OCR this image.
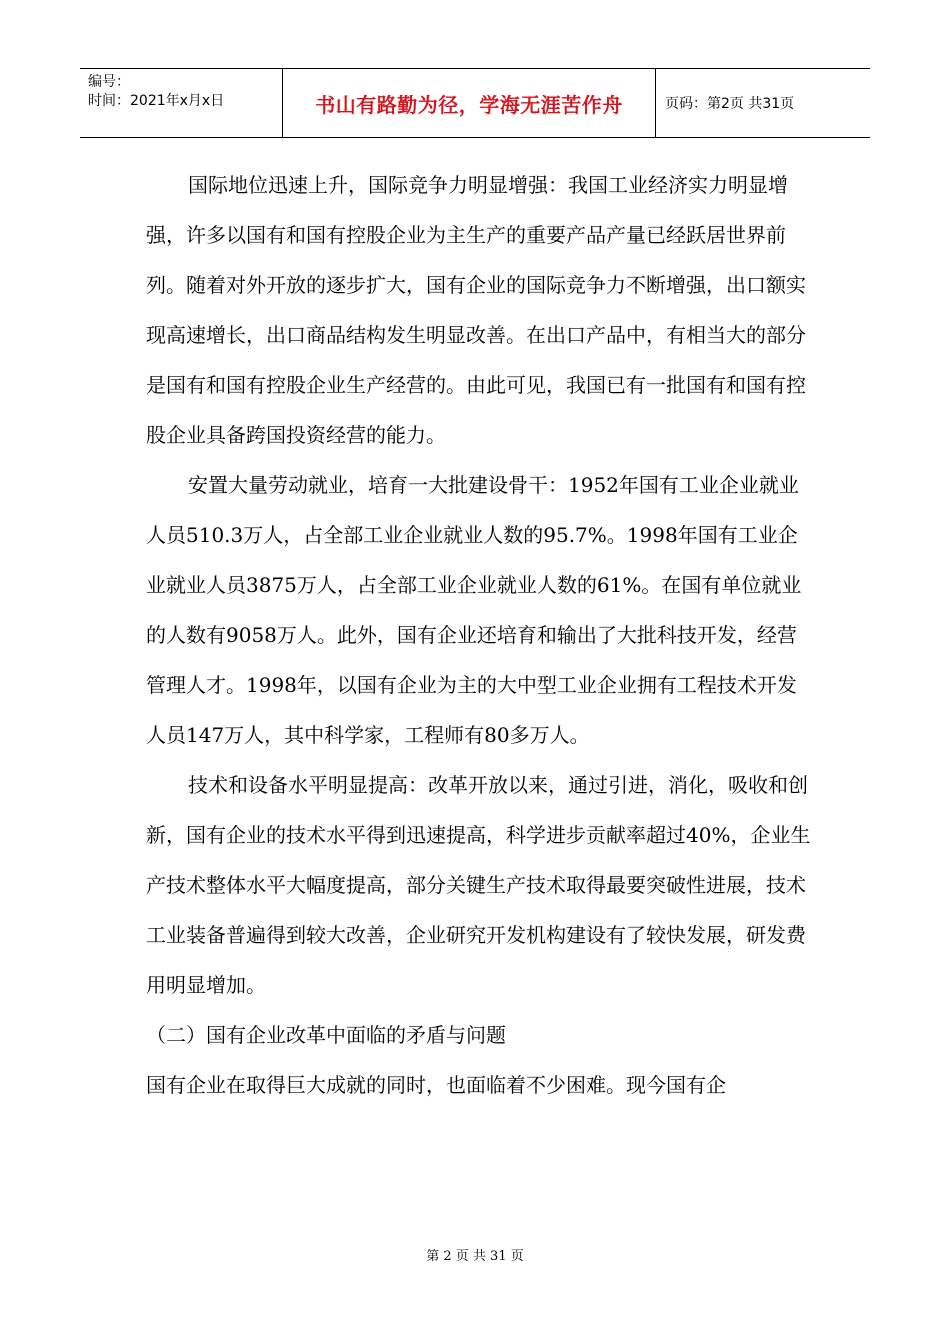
编号：
时间：2021年x月x日	书山有路勤为径，学海无涯苦作舟	页码：第2页 共31页

国际地位迅速上升，国际竞争力明显增强：我国工业经济实力明显增强，许多以国有和国有控股企业为主生产的重要产品产量已经跃居世界前列。随着对外开放的逐步扩大，国有企业的国际竞争力不断增强，出口额实现高速增长，出口商品结构发生明显改善。在出口产品中，有相当大的部分是国有和国有控股企业生产经营的。由此可见，我国已有一批国有和国有控股企业具备跨国投资经营的能力。

安置大量劳动就业，培育一大批建设骨干：1952年国有工业企业就业人员510.3万人，占全部工业企业就业人数的95.7%。1998年国有工业企业就业人员3875万人，占全部工业企业就业人数的61%。在国有单位就业的人数有9058万人。此外，国有企业还培育和输出了大批科技开发，经营管理人才。1998年，以国有企业为主的大中型工业企业拥有工程技术开发人员147万人，其中科学家，工程师有80多万人。

技术和设备水平明显提高：改革开放以来，通过引进，消化，吸收和创新，国有企业的技术水平得到迅速提高，科学进步贡献率超过40%，企业生产技术整体水平大幅度提高，部分关键生产技术取得最要突破性进展，技术工业装备普遍得到较大改善，企业研究开发机构建设有了较快发展，研发费用明显增加。

（二）国有企业改革中面临的矛盾与问题

国有企业在取得巨大成就的同时，也面临着不少困难。现今国有企

第 2 页 共 31 页
